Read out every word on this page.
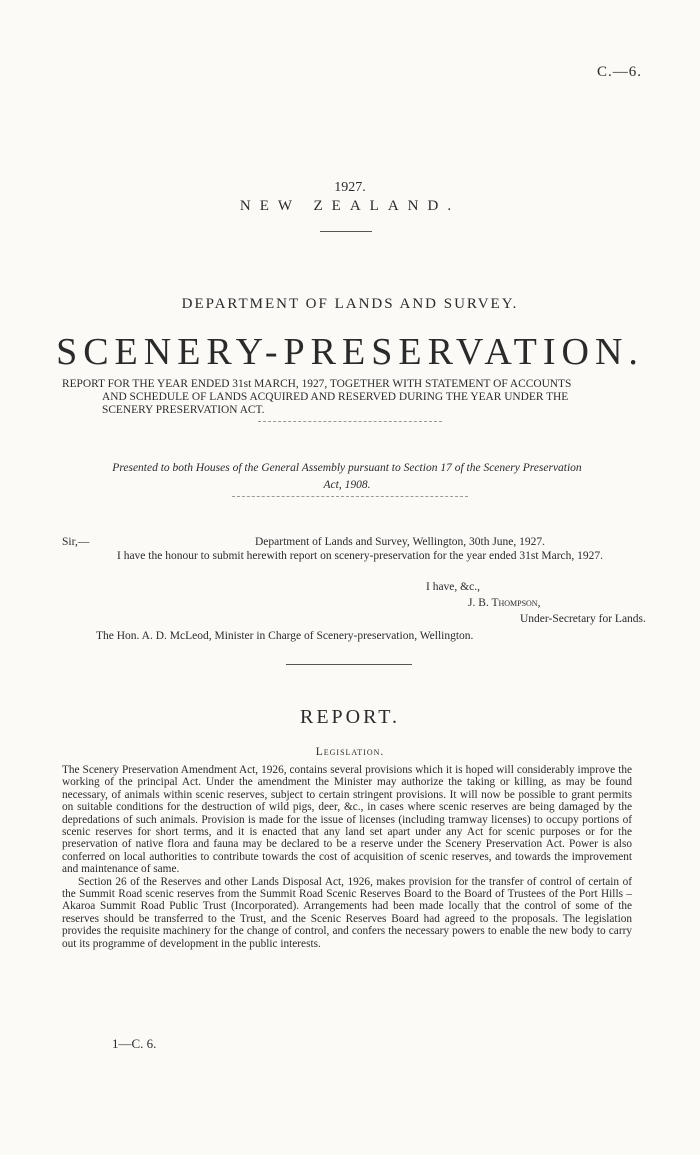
C.—6.
1927.
NEW ZEALAND.
DEPARTMENT OF LANDS AND SURVEY.
SCENERY-PRESERVATION.
REPORT FOR THE YEAR ENDED 31st MARCH, 1927, TOGETHER WITH STATEMENT OF ACCOUNTS
AND SCHEDULE OF LANDS ACQUIRED AND RESERVED DURING THE YEAR UNDER THE
SCENERY PRESERVATION ACT.
Presented to both Houses of the General Assembly pursuant to Section 17 of the Scenery Preservation
Act, 1908.
Sir,—	Department of Lands and Survey, Wellington, 30th June, 1927.
I have the honour to submit herewith report on scenery-preservation for the year ended 31st March, 1927.
I have, &c.,
J. B. Thompson,
Under-Secretary for Lands.
The Hon. A. D. McLeod, Minister in Charge of Scenery-preservation, Wellington.
REPORT.
Legislation.

The Scenery Preservation Amendment Act, 1926, contains several provisions which it is hoped will considerably improve the working of the principal Act. Under the amendment the Minister may authorize the taking or killing, as may be found necessary, of animals within scenic reserves, subject to certain stringent provisions. It will now be possible to grant permits on suitable conditions for the destruction of wild pigs, deer, &c., in cases where scenic reserves are being damaged by the depredations of such animals. Provision is made for the issue of licenses (including tramway licenses) to occupy portions of scenic reserves for short terms, and it is enacted that any land set apart under any Act for scenic purposes or for the preservation of native flora and fauna may be declared to be a reserve under the Scenery Preservation Act. Power is also conferred on local authorities to contribute towards the cost of acquisition of scenic reserves, and towards the improvement and maintenance of same.

Section 26 of the Reserves and other Lands Disposal Act, 1926, makes provision for the transfer of control of certain of the Summit Road scenic reserves from the Summit Road Scenic Reserves Board to the Board of Trustees of the Port Hills – Akaroa Summit Road Public Trust (Incorporated). Arrangements had been made locally that the control of some of the reserves should be transferred to the Trust, and the Scenic Reserves Board had agreed to the proposals. The legislation provides the requisite machinery for the change of control, and confers the necessary powers to enable the new body to carry out its programme of development in the public interests.

1—C. 6.
